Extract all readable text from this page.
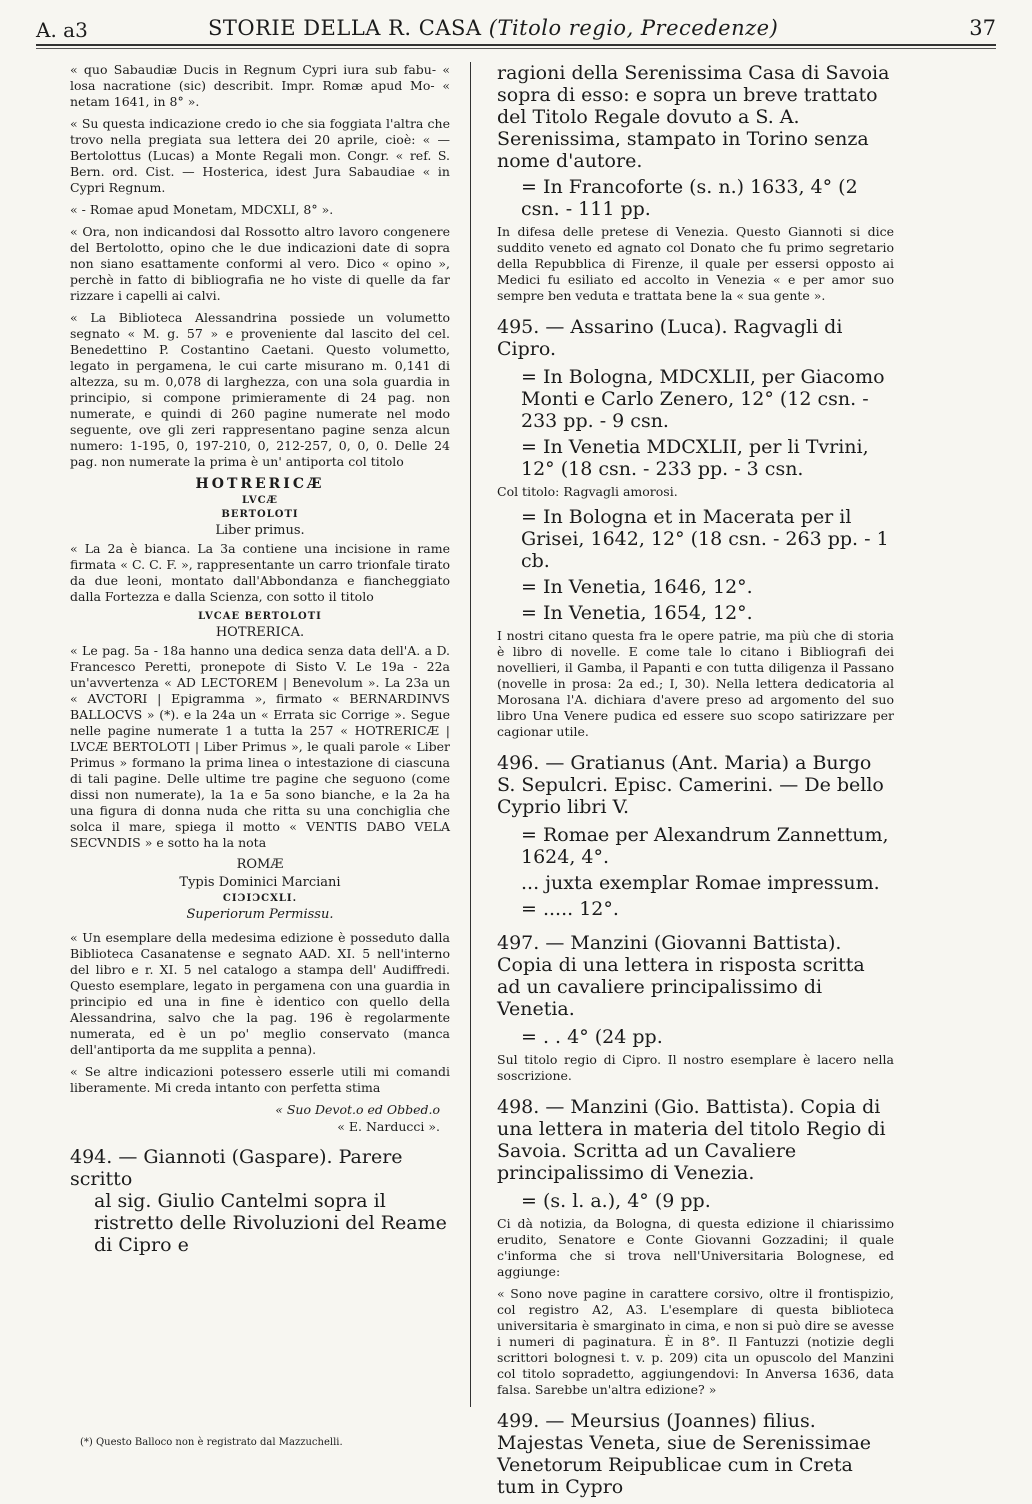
A. a3	STORIE DELLA R. CASA (Titolo regio, Precedenze)	37

« quo Sabaudiæ Ducis in Regnum Cypri iura sub fabu- « losa nacratione (sic) describit. Impr. Romæ apud Mo- « netam 1641, in 8° ».

« Su questa indicazione credo io che sia foggiata l'altra che trovo nella pregiata sua lettera dei 20 aprile, cioè: « — Bertolottus (Lucas) a Monte Regali mon. Congr. « ref. S. Bern. ord. Cist. — Hosterica, idest Jura Sabaudiae « in Cypri Regnum.

« - Romae apud Monetam, MDCXLI, 8° ».

« Ora, non indicandosi dal Rossotto altro lavoro congenere del Bertolotto, opino che le due indicazioni date di sopra non siano esattamente conformi al vero. Dico « opino », perchè in fatto di bibliografia ne ho viste di quelle da far rizzare i capelli ai calvi.

« La Biblioteca Alessandrina possiede un volumetto segnato « M. g. 57 » e proveniente dal lascito del cel. Benedettino P. Costantino Caetani. Questo volumetto, legato in pergamena, le cui carte misurano m. 0,141 di altezza, su m. 0,078 di larghezza, con una sola guardia in principio, si compone primieramente di 24 pag. non numerate, e quindi di 260 pagine numerate nel modo seguente, ove gli zeri rappresentano pagine senza alcun numero: 1-195, 0, 197-210, 0, 212-257, 0, 0, 0. Delle 24 pag. non numerate la prima è un' antiporta col titolo

HOTRERICÆ
LVCÆ
BERTOLOTI
Liber primus.

« La 2a è bianca. La 3a contiene una incisione in rame firmata « C. C. F. », rappresentante un carro trionfale tirato da due leoni, montato dall'Abbondanza e fiancheggiato dalla Fortezza e dalla Scienza, con sotto il titolo

LVCAE BERTOLOTI
HOTRERICA.

« Le pag. 5a - 18a hanno una dedica senza data dell'A. a D. Francesco Peretti, pronepote di Sisto V. Le 19a - 22a un'avvertenza « AD LECTOREM | Benevolum ». La 23a un « AVCTORI | Epigramma », firmato « BERNARDINVS BALLOCVS » (*). e la 24a un « Errata sic Corrige ». Segue nelle pagine numerate 1 a tutta la 257 « HOTRERICÆ | LVCÆ BERTOLOTI | Liber Primus », le quali parole « Liber Primus » formano la prima linea o intestazione di ciascuna di tali pagine. Delle ultime tre pagine che seguono (come dissi non numerate), la 1a e 5a sono bianche, e la 2a ha una figura di donna nuda che ritta su una conchiglia che solca il mare, spiega il motto « VENTIS DABO VELA SECVNDIS » e sotto ha la nota

ROMÆ
Typis Dominici Marciani
CIƆIƆCXLI.
Superiorum Permissu.

« Un esemplare della medesima edizione è posseduto dalla Biblioteca Casanatense e segnato AAD. XI. 5 nell'interno del libro e r. XI. 5 nel catalogo a stampa dell' Audiffredi. Questo esemplare, legato in pergamena con una guardia in principio ed una in fine è identico con quello della Alessandrina, salvo che la pag. 196 è regolarmente numerata, ed è un po' meglio conservato (manca dell'antiporta da me supplita a penna).

« Se altre indicazioni potessero esserle utili mi comandi liberamente. Mi creda intanto con perfetta stima

« Suo Devot.o ed Obbed.o

« E. Narducci ».

494. — Giannoti (Gaspare). Parere scritto

al sig. Giulio Cantelmi sopra il ristretto delle Rivoluzioni del Reame di Cipro e

ragioni della Serenissima Casa di Savoia sopra di esso: e sopra un breve trattato del Titolo Regale dovuto a S. A. Serenissima, stampato in Torino senza nome d'autore.

= In Francoforte (s. n.) 1633, 4° (2 csn. - 111 pp.

In difesa delle pretese di Venezia. Questo Giannoti si dice suddito veneto ed agnato col Donato che fu primo segretario della Repubblica di Firenze, il quale per essersi opposto ai Medici fu esiliato ed accolto in Venezia « e per amor suo sempre ben veduta e trattata bene la « sua gente ».

495. — Assarino (Luca). Ragvagli di Cipro.

= In Bologna, MDCXLII, per Giacomo Monti e Carlo Zenero, 12° (12 csn. - 233 pp. - 9 csn.

= In Venetia MDCXLII, per li Tvrini, 12° (18 csn. - 233 pp. - 3 csn.

Col titolo: Ragvagli amorosi.

= In Bologna et in Macerata per il Grisei, 1642, 12° (18 csn. - 263 pp. - 1 cb.

= In Venetia, 1646, 12°.

= In Venetia, 1654, 12°.

I nostri citano questa fra le opere patrie, ma più che di storia è libro di novelle. E come tale lo citano i Bibliografi dei novellieri, il Gamba, il Papanti e con tutta diligenza il Passano (novelle in prosa: 2a ed.; I, 30). Nella lettera dedicatoria al Morosana l'A. dichiara d'avere preso ad argomento del suo libro Una Venere pudica ed essere suo scopo satirizzare per cagionar utile.

496. — Gratianus (Ant. Maria) a Burgo S. Sepulcri. Episc. Camerini. — De bello Cyprio libri V.

= Romae per Alexandrum Zannettum, 1624, 4°.

... juxta exemplar Romae impressum.

= ..... 12°.

497. — Manzini (Giovanni Battista). Copia di una lettera in risposta scritta ad un cavaliere principalissimo di Venetia.

= . . 4° (24 pp.

Sul titolo regio di Cipro. Il nostro esemplare è lacero nella soscrizione.

498. — Manzini (Gio. Battista). Copia di una lettera in materia del titolo Regio di Savoia. Scritta ad un Cavaliere principalissimo di Venezia.

= (s. l. a.), 4° (9 pp.

Ci dà notizia, da Bologna, di questa edizione il chiarissimo erudito, Senatore e Conte Giovanni Gozzadini; il quale c'informa che si trova nell'Universitaria Bolognese, ed aggiunge:

« Sono nove pagine in carattere corsivo, oltre il frontispizio, col registro A2, A3. L'esemplare di questa biblioteca universitaria è smarginato in cima, e non si può dire se avesse i numeri di paginatura. È in 8°. Il Fantuzzi (notizie degli scrittori bolognesi t. v. p. 209) cita un opuscolo del Manzini col titolo sopradetto, aggiungendovi: In Anversa 1636, data falsa. Sarebbe un'altra edizione? »

499. — Meursius (Joannes) filius. Majestas Veneta, siue de Serenissimae Venetorum Reipublicae cum in Creta tum in Cypro

(*) Questo Balloco non è registrato dal Mazzuchelli.
